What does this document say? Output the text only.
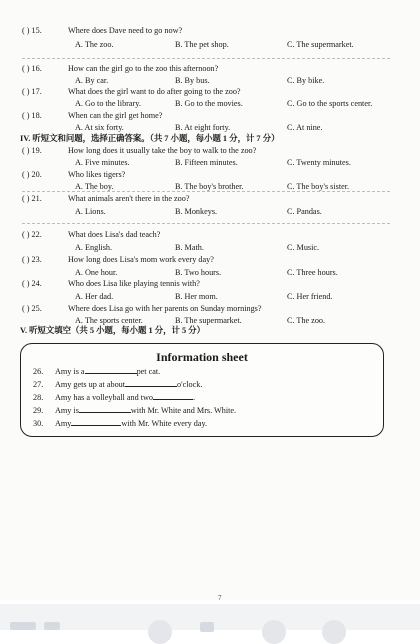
( ) 15.	Where does Dave need to go now?
A. The zoo.	B. The pet shop.	C. The supermarket.
( ) 16.	How can the girl go to the zoo this afternoon?
A. By car.	B. By bus.	C. By bike.
( ) 17.	What does the girl want to do after going to the zoo?
A. Go to the library.	B. Go to the movies.	C. Go to the sports center.
( ) 18.	When can the girl get home?
A. At six forty.	B. At eight forty.	C. At nine.
IV. 听短文和问题，选择正确答案。（共 7 小题，每小题 1 分，计 7 分）
( ) 19.	How long does it usually take the boy to walk to the zoo?
A. Five minutes.	B. Fifteen minutes.	C. Twenty minutes.
( ) 20.	Who likes tigers?
A. The boy.	B. The boy's brother.	C. The boy's sister.
( ) 21.	What animals aren't there in the zoo?
A. Lions.	B. Monkeys.	C. Pandas.
( ) 22.	What does Lisa's dad teach?
A. English.	B. Math.	C. Music.
( ) 23.	How long does Lisa's mom work every day?
A. One hour.	B. Two hours.	C. Three hours.
( ) 24.	Who does Lisa like playing tennis with?
A. Her dad.	B. Her mom.	C. Her friend.
( ) 25.	Where does Lisa go with her parents on Sunday mornings?
A. The sports center.	B. The supermarket.	C. The zoo.
V. 听短文填空（共 5 小题，每小题 1 分，计 5 分）
Information sheet
26. Amy is a	pet cat.
27. Amy gets up at about	o'clock.
28. Amy has a volleyball and two	.
29. Amy is	with Mr. White and Mrs. White.
30. Amy	with Mr. White every day.
7
